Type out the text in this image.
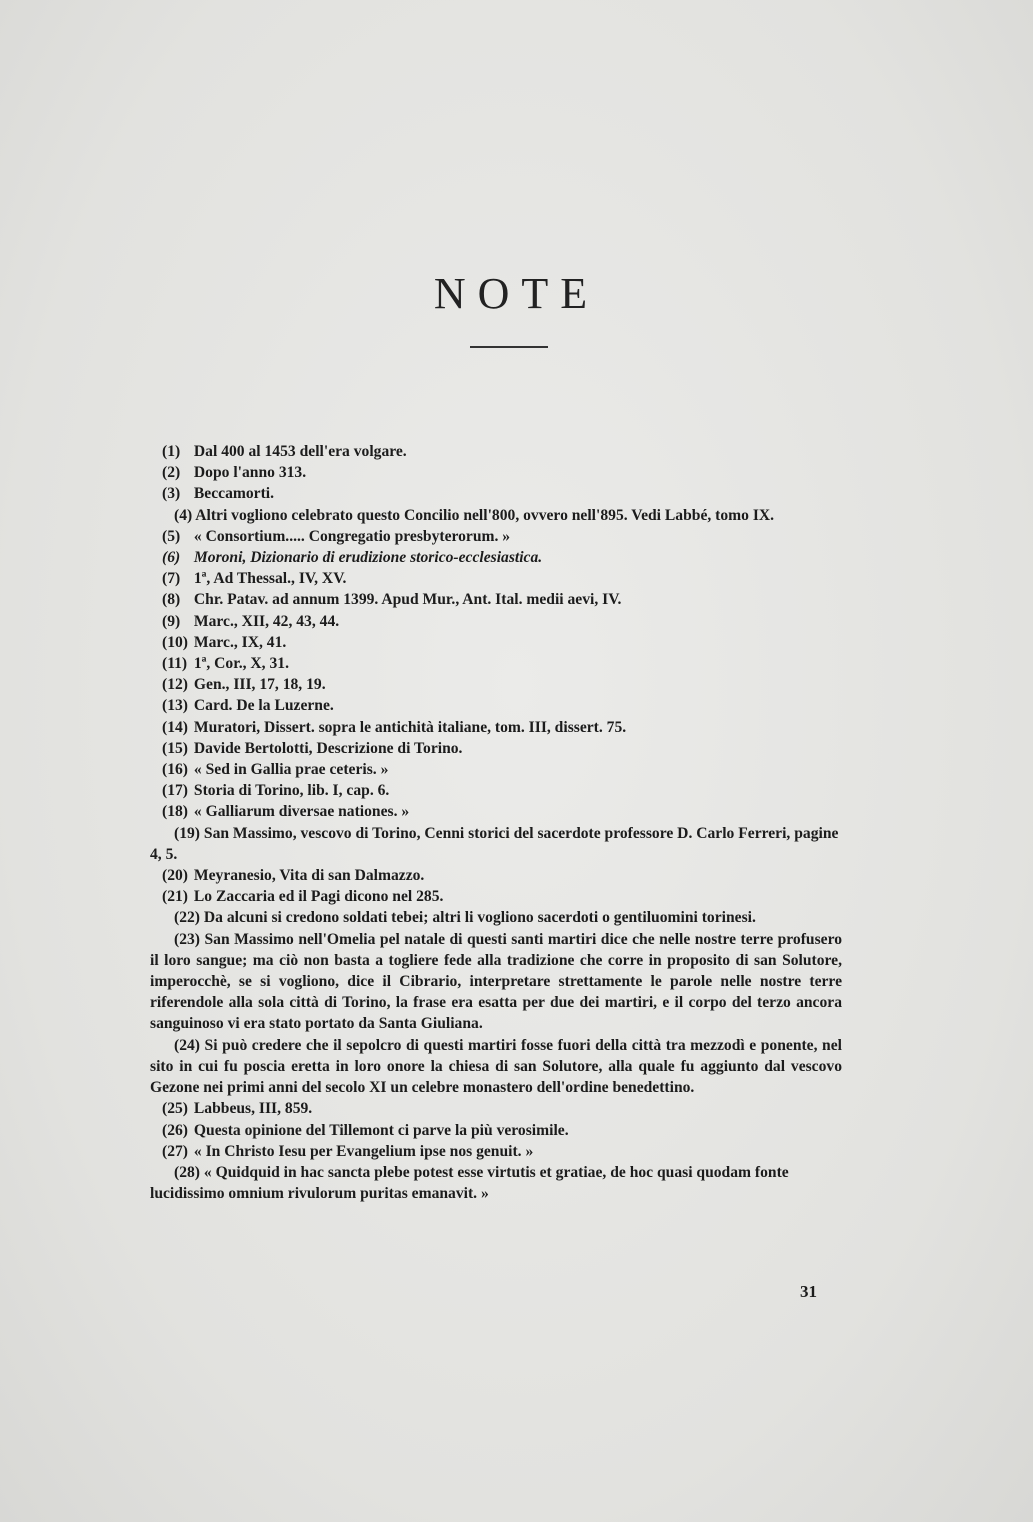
NOTE

(1) Dal 400 al 1453 dell'era volgare.

(2) Dopo l'anno 313.

(3) Beccamorti.

(4) Altri vogliono celebrato questo Concilio nell'800, ovvero nell'895. Vedi Labbé, tomo IX.

(5) « Consortium..... Congregatio presbyterorum. »

(6) Moroni, Dizionario di erudizione storico-ecclesiastica.

(7) 1ª, Ad Thessal., IV, XV.

(8) Chr. Patav. ad annum 1399. Apud Mur., Ant. Ital. medii aevi, IV.

(9) Marc., XII, 42, 43, 44.

(10) Marc., IX, 41.

(11) 1ª, Cor., X, 31.

(12) Gen., III, 17, 18, 19.

(13) Card. De la Luzerne.

(14) Muratori, Dissert. sopra le antichità italiane, tom. III, dissert. 75.

(15) Davide Bertolotti, Descrizione di Torino.

(16) « Sed in Gallia prae ceteris. »

(17) Storia di Torino, lib. I, cap. 6.

(18) « Galliarum diversae nationes. »

(19) San Massimo, vescovo di Torino, Cenni storici del sacerdote professore D. Carlo Ferreri, pagine 4, 5.

(20) Meyranesio, Vita di san Dalmazzo.

(21) Lo Zaccaria ed il Pagi dicono nel 285.

(22) Da alcuni si credono soldati tebei; altri li vogliono sacerdoti o gentiluomini torinesi.

(23) San Massimo nell'Omelia pel natale di questi santi martiri dice che nelle nostre terre profusero il loro sangue; ma ciò non basta a togliere fede alla tradizione che corre in proposito di san Solutore, imperocchè, se si vogliono, dice il Cibrario, interpretare strettamente le parole nelle nostre terre riferendole alla sola città di Torino, la frase era esatta per due dei martiri, e il corpo del terzo ancora sanguinoso vi era stato portato da Santa Giuliana.

(24) Si può credere che il sepolcro di questi martiri fosse fuori della città tra mezzodì e ponente, nel sito in cui fu poscia eretta in loro onore la chiesa di san Solutore, alla quale fu aggiunto dal vescovo Gezone nei primi anni del secolo XI un celebre monastero dell'ordine benedettino.

(25) Labbeus, III, 859.

(26) Questa opinione del Tillemont ci parve la più verosimile.

(27) « In Christo Iesu per Evangelium ipse nos genuit. »

(28) « Quidquid in hac sancta plebe potest esse virtutis et gratiae, de hoc quasi quodam fonte lucidissimo omnium rivulorum puritas emanavit. »

31
